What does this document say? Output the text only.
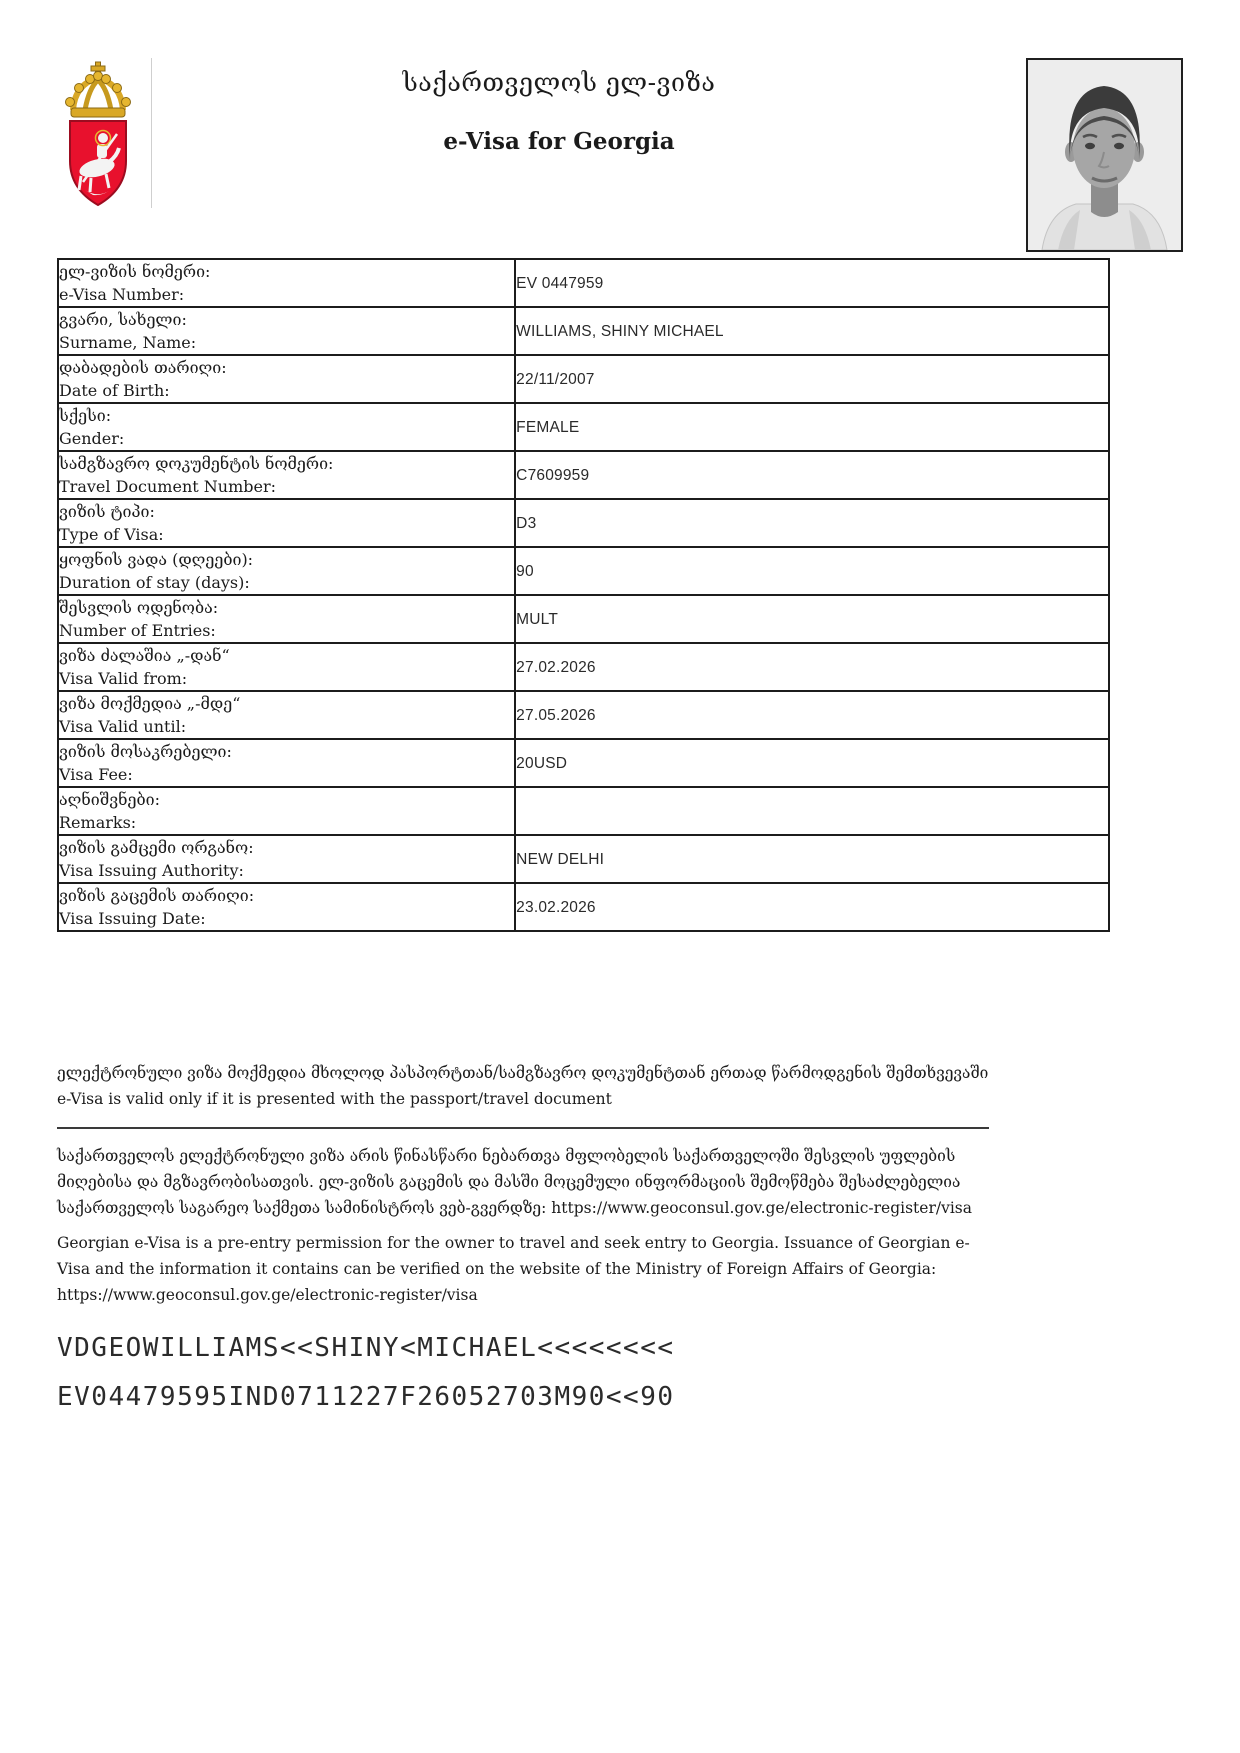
საქართველოს ელ-ვიზა
e-Visa for Georgia
ელ-ვიზის ნომერი:
e-Visa Number:	EV 0447959

გვარი, სახელი:
Surname, Name:	WILLIAMS, SHINY MICHAEL

დაბადების თარიღი:
Date of Birth:	22/11/2007

სქესი:
Gender:	FEMALE

სამგზავრო დოკუმენტის ნომერი:
Travel Document Number:	C7609959

ვიზის ტიპი:
Type of Visa:	D3

ყოფნის ვადა (დღეები):
Duration of stay (days):	90

შესვლის ოდენობა:
Number of Entries:	MULT

ვიზა ძალაშია „-დან“
Visa Valid from:	27.02.2026

ვიზა მოქმედია „-მდე“
Visa Valid until:	27.05.2026

ვიზის მოსაკრებელი:
Visa Fee:	20USD

აღნიშვნები:
Remarks:	

ვიზის გამცემი ორგანო:
Visa Issuing Authority:	NEW DELHI

ვიზის გაცემის თარიღი:
Visa Issuing Date:	23.02.2026

ელექტრონული ვიზა მოქმედია მხოლოდ პასპორტთან/სამგზავრო დოკუმენტთან ერთად წარმოდგენის შემთხვევაში
e-Visa is valid only if it is presented with the passport/travel document

საქართველოს ელექტრონული ვიზა არის წინასწარი ნებართვა მფლობელის საქართველოში შესვლის უფლების მიღებისა და მგზავრობისათვის. ელ-ვიზის გაცემის და მასში მოცემული ინფორმაციის შემოწმება შესაძლებელია საქართველოს საგარეო საქმეთა სამინისტროს ვებ-გვერდზე: https://www.geoconsul.gov.ge/electronic-register/visa

Georgian e-Visa is a pre-entry permission for the owner to travel and seek entry to Georgia. Issuance of Georgian e-Visa and the information it contains can be verified on the website of the Ministry of Foreign Affairs of Georgia: https://www.geoconsul.gov.ge/electronic-register/visa

VDGEOWILLIAMS<<SHINY<MICHAEL<<<<<<<<
EV04479595IND0711227F26052703M90<<90
